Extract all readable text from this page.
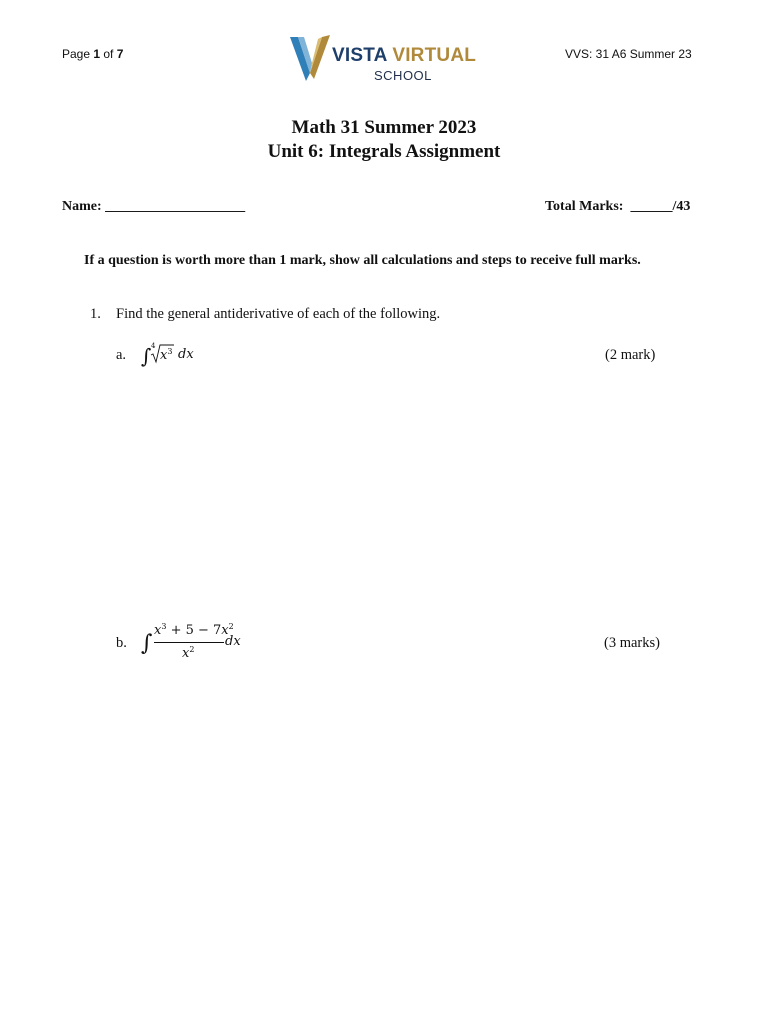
Page 1 of 7	VISTA VIRTUAL
SCHOOL
VVS: 31 A6 Summer 23
Math 31 Summer 2023
Unit 6: Integrals Assignment
Name: ____________________	Total Marks: ______/43
If a question is worth more than 1 mark, show all calculations and steps to receive full marks.
1. Find the general antiderivative of each of the following.
a. ∫ 4
$x^3$ dx	(2 mark)
b. ∫
$x^3 + 5 - 7x^2$
$x^2$
dx	(3 marks)
